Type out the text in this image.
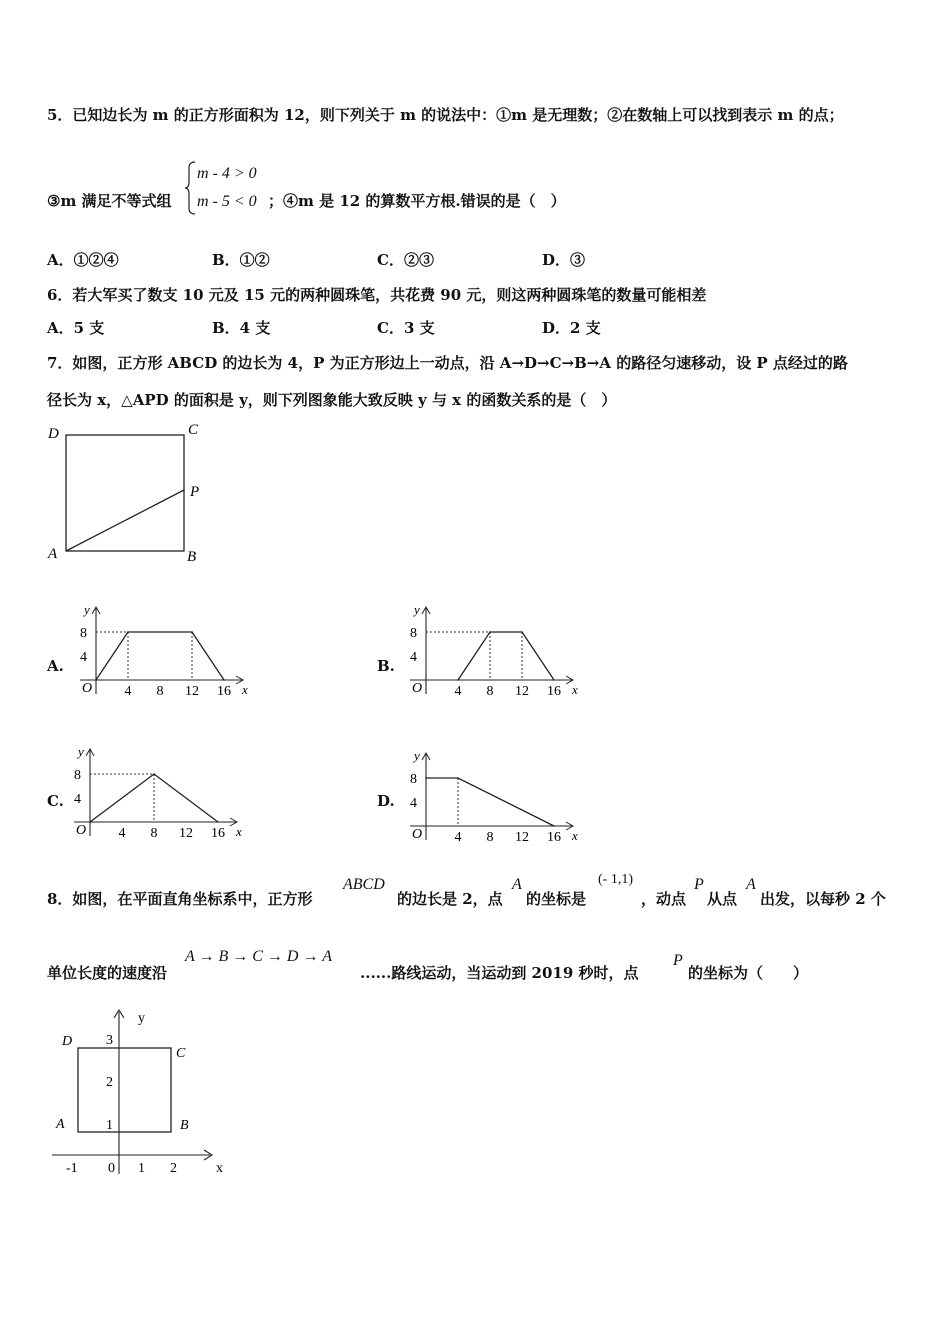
5．已知边长为 m 的正方形面积为 12，则下列关于 m 的说法中：①m 是无理数；②在数轴上可以找到表示 m 的点；
③m 满足不等式组
m - 4 > 0
m - 5 < 0 ；④m 是 12 的算数平方根.错误的是（　）
A．①②④	B．①②	C．②③	D．③
6．若大军买了数支 10 元及 15 元的两种圆珠笔，共花费 90 元，则这两种圆珠笔的数量可能相差
A．5 支	B．4 支	C．3 支	D．2 支
7．如图，正方形 ABCD 的边长为 4，P 为正方形边上一动点，沿 A→D→C→B→A 的路径匀速移动，设 P 点经过的路
径长为 x，△APD 的面积是 y，则下列图象能大致反映 y 与 x 的函数关系的是（　）
D	C
P
A	B
A.	B.
C.	D.
y
x
O
8
4
4 8 12 16
y
x
O
8
4
4 8 12 16
y
x
O
8
4
4 8 12 16
y
x
O
8
4
4 8 12 16
8．如图，在平面直角坐标系中，正方形
ABCD
的边长是 2，点
A
的坐标是
(- 1,1)
，动点
P
从点
A
出发，以每秒 2 个
单位长度的速度沿
A → B → C → D → A
......路线运动，当运动到 2019 秒时，点
P
的坐标为（　　）
y
x
3
2
1
-1 0 1 2
D
C
A	B
